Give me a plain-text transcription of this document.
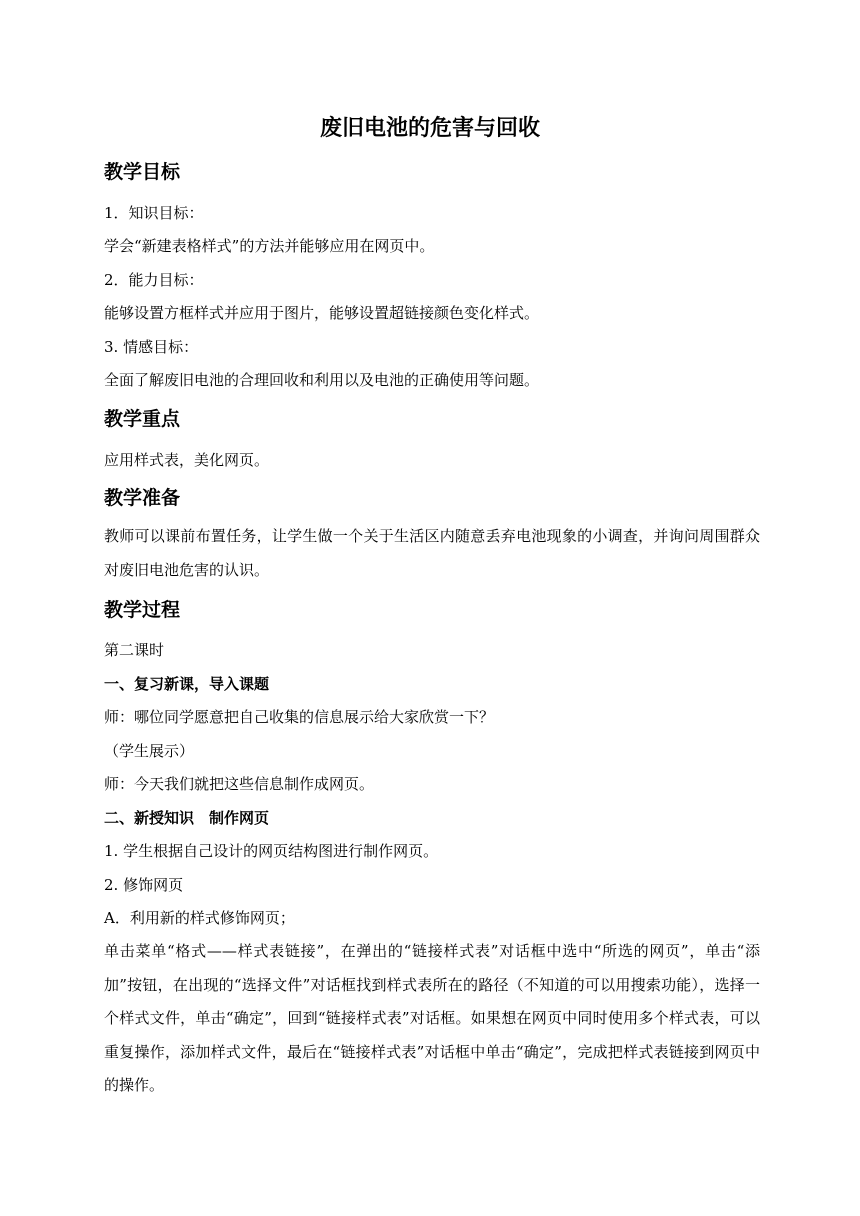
废旧电池的危害与回收
教学目标
1．知识目标：
学会“新建表格样式”的方法并能够应用在网页中。
2．能力目标：
能够设置方框样式并应用于图片，能够设置超链接颜色变化样式。
3. 情感目标：
全面了解废旧电池的合理回收和利用以及电池的正确使用等问题。
教学重点
应用样式表，美化网页。
教学准备
教师可以课前布置任务，让学生做一个关于生活区内随意丢弃电池现象的小调查，并询问周围群众对废旧电池危害的认识。
教学过程
第二课时
一、复习新课，导入课题
师：哪位同学愿意把自己收集的信息展示给大家欣赏一下？
（学生展示）
师：今天我们就把这些信息制作成网页。
二、新授知识　制作网页
1. 学生根据自己设计的网页结构图进行制作网页。
2. 修饰网页
A．利用新的样式修饰网页；
单击菜单“格式——样式表链接”，在弹出的“链接样式表”对话框中选中“所选的网页”，单击“添加”按钮，在出现的“选择文件”对话框找到样式表所在的路径（不知道的可以用搜索功能），选择一个样式文件，单击“确定”，回到“链接样式表”对话框。如果想在网页中同时使用多个样式表，可以重复操作，添加样式文件，最后在“链接样式表”对话框中单击“确定”，完成把样式表链接到网页中的操作。
